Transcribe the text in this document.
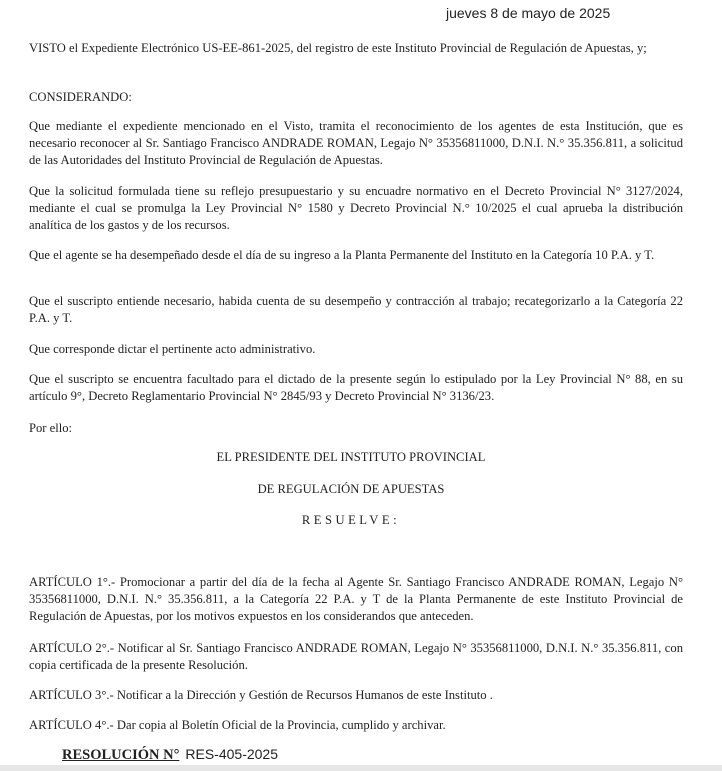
jueves 8 de mayo de 2025

VISTO el Expediente Electrónico US-EE-861-2025, del registro de este Instituto Provincial de Regulación de Apuestas, y;

CONSIDERANDO:

Que mediante el expediente mencionado en el Visto, tramita el reconocimiento de los agentes de esta Institución, que es necesario reconocer al Sr. Santiago Francisco ANDRADE ROMAN, Legajo N° 35356811000, D.N.I. N.° 35.356.811, a solicitud de las Autoridades del Instituto Provincial de Regulación de Apuestas.

Que la solicitud formulada tiene su reflejo presupuestario y su encuadre normativo en el Decreto Provincial N° 3127/2024, mediante el cual se promulga la Ley Provincial N° 1580 y Decreto Provincial N.° 10/2025 el cual aprueba la distribución analítica de los gastos y de los recursos.

Que el agente se ha desempeñado desde el día de su ingreso a la Planta Permanente del Instituto en la Categoría 10 P.A. y T.

Que el suscripto entiende necesario, habida cuenta de su desempeño y contracción al trabajo; recategorizarlo a la Categoría 22 P.A. y T.

Que corresponde dictar el pertinente acto administrativo.

Que el suscripto se encuentra facultado para el dictado de la presente según lo estipulado por la Ley Provincial N° 88, en su artículo 9°, Decreto Reglamentario Provincial N° 2845/93 y Decreto Provincial N° 3136/23.

Por ello:

EL PRESIDENTE DEL INSTITUTO PROVINCIAL
DE REGULACIÓN DE APUESTAS
RESUELVE:

ARTÍCULO 1°.- Promocionar a partir del día de la fecha al Agente Sr. Santiago Francisco ANDRADE ROMAN, Legajo N° 35356811000, D.N.I. N.° 35.356.811, a la Categoría 22 P.A. y T de la Planta Permanente de este Instituto Provincial de Regulación de Apuestas, por los motivos expuestos en los considerandos que anteceden.

ARTÍCULO 2°.- Notificar al Sr. Santiago Francisco ANDRADE ROMAN, Legajo N° 35356811000, D.N.I. N.° 35.356.811, con copia certificada de la presente Resolución.

ARTÍCULO 3°.- Notificar a la Dirección y Gestión de Recursos Humanos de este Instituto .

ARTÍCULO 4°.- Dar copia al Boletín Oficial de la Provincia, cumplido y archivar.

RESOLUCIÓN N° RES-405-2025
